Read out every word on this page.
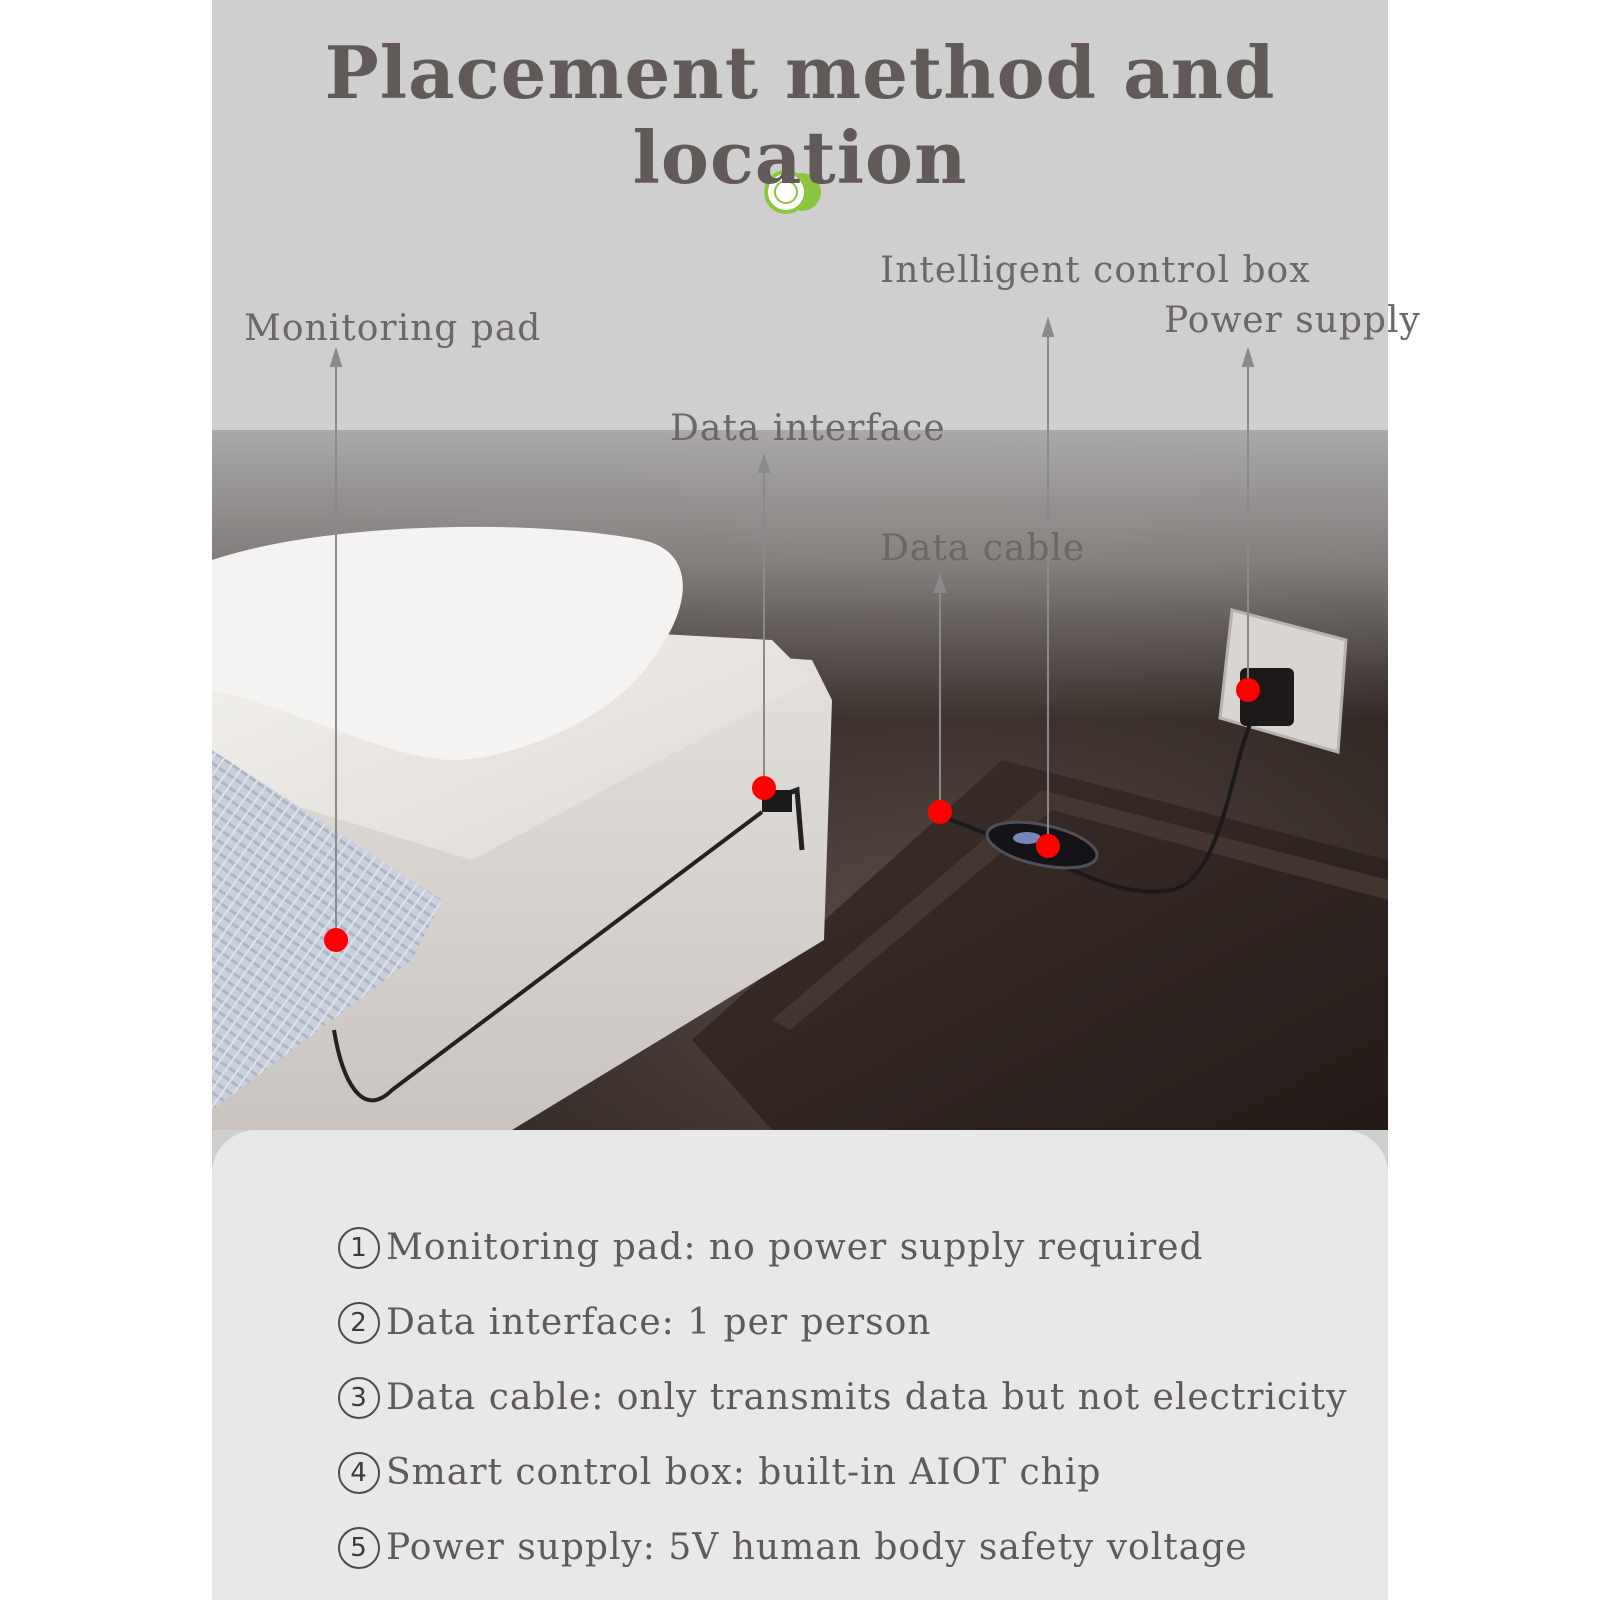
Placement method and location
Monitoring pad
Data interface
Data cable
Intelligent control box
Power supply
1 Monitoring pad: no power supply required
2 Data interface: 1 per person
3 Data cable: only transmits data but not electricity
4 Smart control box: built-in AIOT chip
5 Power supply: 5V human body safety voltage
